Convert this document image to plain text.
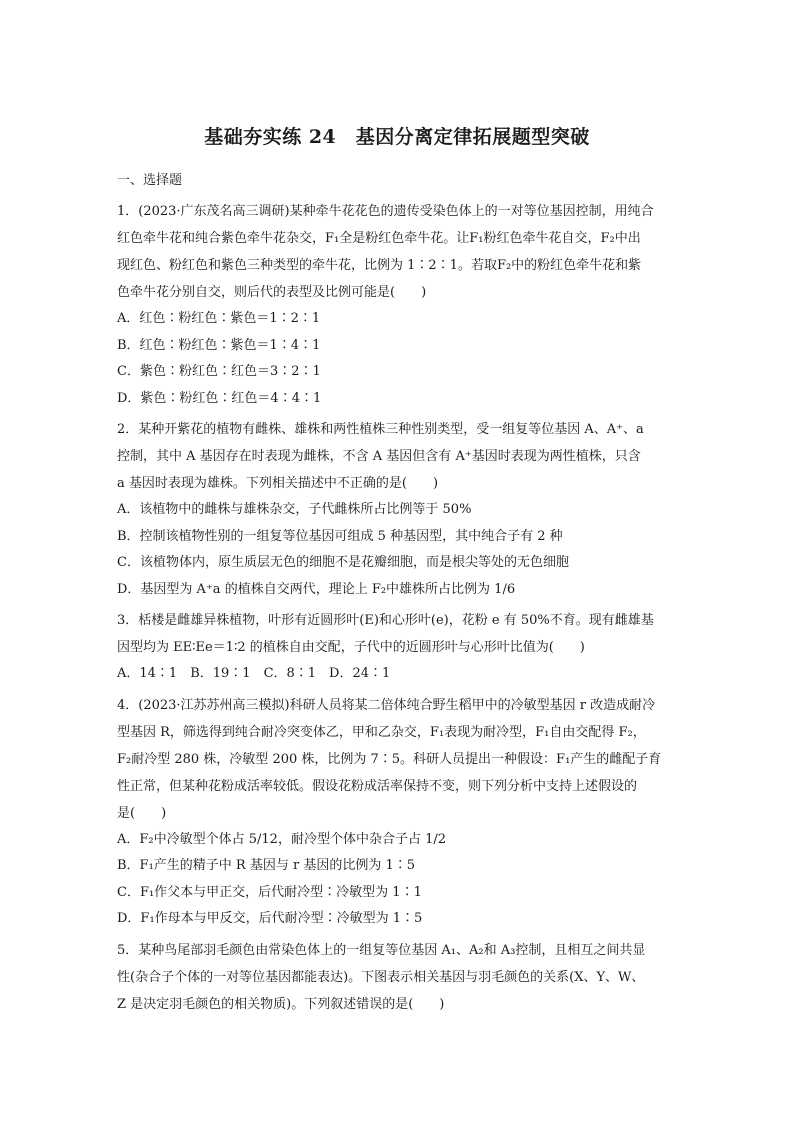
基础夯实练 24　基因分离定律拓展题型突破
一、选择题
1．(2023·广东茂名高三调研)某种牵牛花花色的遗传受染色体上的一对等位基因控制，用纯合
红色牵牛花和纯合紫色牵牛花杂交，F₁全是粉红色牵牛花。让F₁粉红色牵牛花自交，F₂中出
现红色、粉红色和紫色三种类型的牵牛花，比例为 1∶2∶1。若取F₂中的粉红色牵牛花和紫
色牵牛花分别自交，则后代的表型及比例可能是(　　)
A．红色∶粉红色∶紫色＝1∶2∶1
B．红色∶粉红色∶紫色＝1∶4∶1
C．紫色∶粉红色∶红色＝3∶2∶1
D．紫色∶粉红色∶红色＝4∶4∶1
2．某种开紫花的植物有雌株、雄株和两性植株三种性别类型，受一组复等位基因 A、A⁺、a
控制，其中 A 基因存在时表现为雌株，不含 A 基因但含有 A⁺基因时表现为两性植株，只含
a 基因时表现为雄株。下列相关描述中不正确的是(　　)
A．该植物中的雌株与雄株杂交，子代雌株所占比例等于 50%
B．控制该植物性别的一组复等位基因可组成 5 种基因型，其中纯合子有 2 种
C．该植物体内，原生质层无色的细胞不是花瓣细胞，而是根尖等处的无色细胞
D．基因型为 A⁺a 的植株自交两代，理论上 F₂中雄株所占比例为 1/6
3．栝楼是雌雄异株植物，叶形有近圆形叶(E)和心形叶(e)，花粉 e 有 50%不育。现有雌雄基
因型均为 EE∶Ee＝1∶2 的植株自由交配，子代中的近圆形叶与心形叶比值为(　　)
A．14∶1　B．19∶1　C．8∶1　D．24∶1
4．(2023·江苏苏州高三模拟)科研人员将某二倍体纯合野生稻甲中的冷敏型基因 r 改造成耐冷
型基因 R，筛选得到纯合耐冷突变体乙，甲和乙杂交，F₁表现为耐冷型，F₁自由交配得 F₂，
F₂耐冷型 280 株，冷敏型 200 株，比例为 7∶5。科研人员提出一种假设：F₁产生的雌配子育
性正常，但某种花粉成活率较低。假设花粉成活率保持不变，则下列分析中支持上述假设的
是(　　)
A．F₂中冷敏型个体占 5/12，耐冷型个体中杂合子占 1/2
B．F₁产生的精子中 R 基因与 r 基因的比例为 1∶5
C．F₁作父本与甲正交，后代耐冷型∶冷敏型为 1∶1
D．F₁作母本与甲反交，后代耐冷型∶冷敏型为 1∶5
5．某种鸟尾部羽毛颜色由常染色体上的一组复等位基因 A₁、A₂和 A₃控制，且相互之间共显
性(杂合子个体的一对等位基因都能表达)。下图表示相关基因与羽毛颜色的关系(X、Y、W、
Z 是决定羽毛颜色的相关物质)。下列叙述错误的是(　　)
